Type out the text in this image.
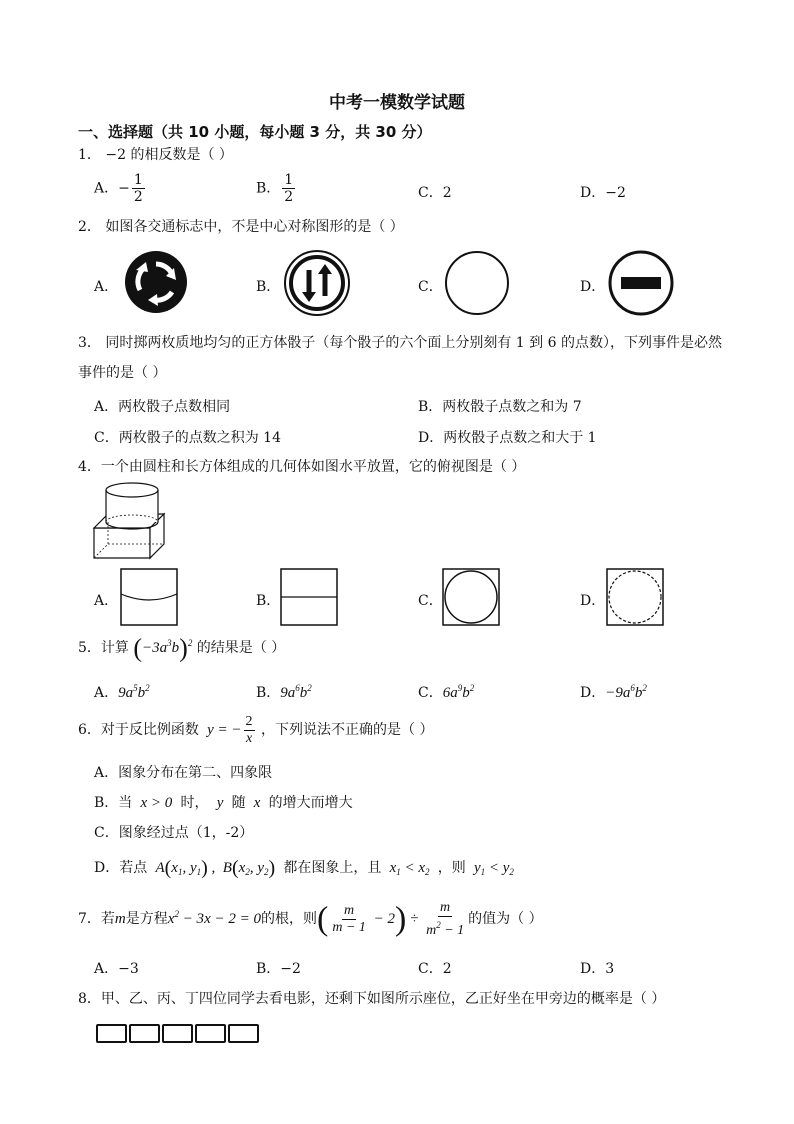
中考一模数学试题
一、选择题（共 10 小题，每小题 3 分，共 30 分）
1． −2 的相反数是（ ）
A．− $\frac{1}{2}$	B． $\frac{1}{2}$	C．2	D．−2
2． 如图各交通标志中，不是中心对称图形的是（ ）
A．	B．	C．	D．
3． 同时掷两枚质地均匀的正方体骰子（每个骰子的六个面上分别刻有 1 到 6 的点数），下列事件是必然
事件的是（ ）
A．两枚骰子点数相同	B．两枚骰子点数之和为 7
C．两枚骰子的点数之积为 14	D．两枚骰子点数之和大于 1
4．一个由圆柱和长方体组成的几何体如图水平放置，它的俯视图是（ ）
A．	B．	C．	D．
5．计算 $(-3a^3b)^2$ 的结果是（ ）
A．$9a^5b^2$	B．$9a^6b^2$	C．$6a^9b^2$	D．$-9a^6b^2$
6．对于反比例函数 y = − $\frac{2}{x}$ ，下列说法不正确的是（ ）
A．图象分布在第二、四象限
B．当 x > 0  时， y 随 x 的增大而增大
C．图象经过点（1，-2）
D．若点 $A(x_1$, $y_1$) ,  $B(x_2$, $y_2$) 都在图象上，且 $x_1 < x_2$ ，则 $y_1 < y_2$
7．若m是方程$x^2 - 3x - 2 = 0$的根，则( $\frac{m}{m - 1} - 2) \div \frac{m}{m^2 - 1}$ 的值为（ ）
A．−3	B．−2	C．2	D．3
8．甲、乙、丙、丁四位同学去看电影，还剩下如图所示座位，乙正好坐在甲旁边的概率是（ ）
